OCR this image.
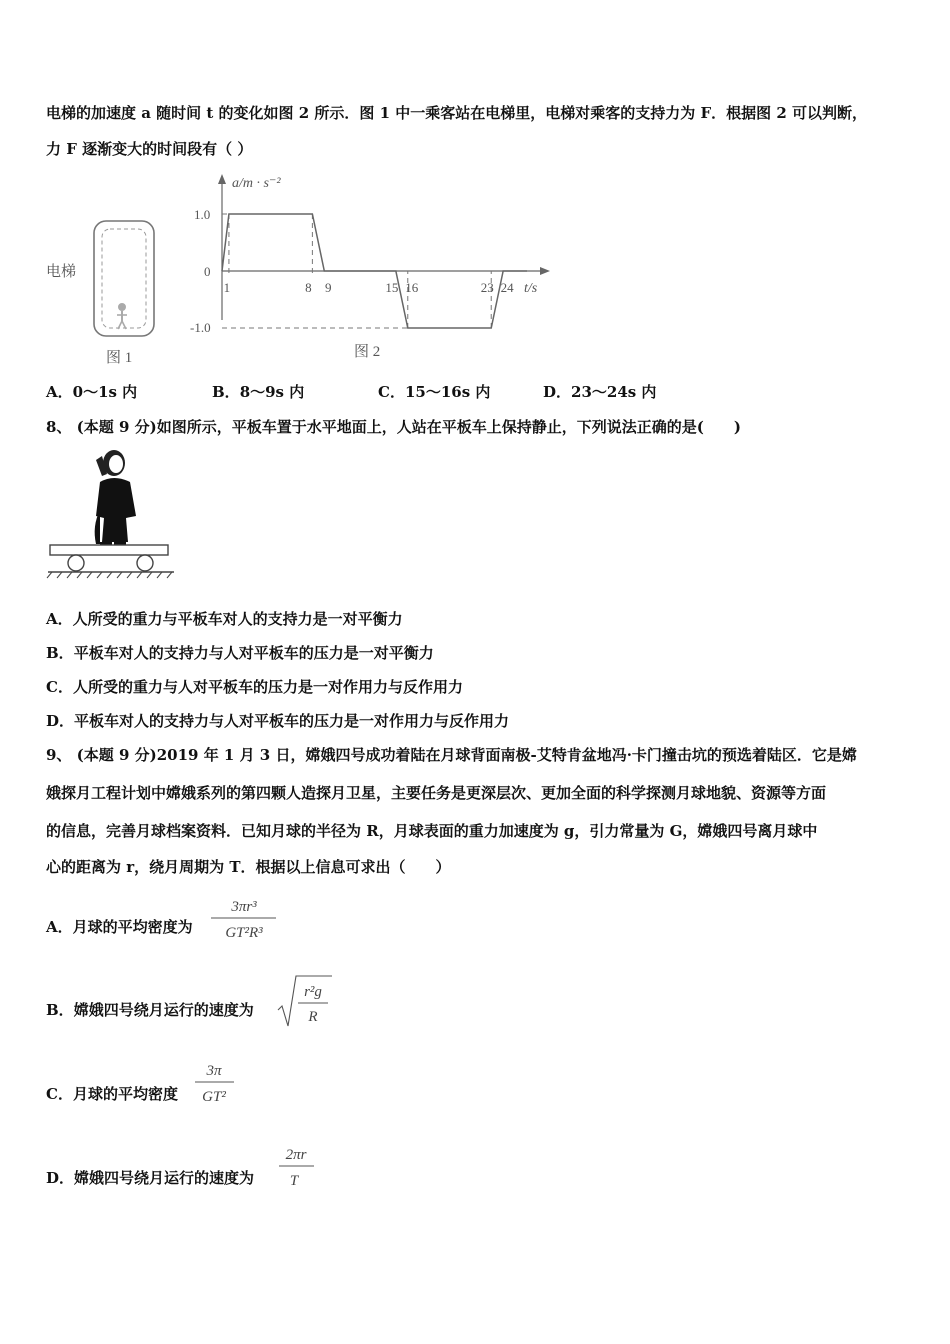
电梯的加速度 a 随时间 t 的变化如图 2 所示．图 1 中一乘客站在电梯里，电梯对乘客的支持力为 F．根据图 2 可以判断，
力 F 逐渐变大的时间段有（ ）
电梯
图 1
a/m · s⁻²
t/s
1.0
0
-1.0
1	8 9	15 16	23 24
图 2
A．0～1s 内	B．8～9s 内	C．15～16s 内	D．23～24s 内
8、 (本题 9 分)如图所示，平板车置于水平地面上，人站在平板车上保持静止，下列说法正确的是(　　)
A．人所受的重力与平板车对人的支持力是一对平衡力
B．平板车对人的支持力与人对平板车的压力是一对平衡力
C．人所受的重力与人对平板车的压力是一对作用力与反作用力
D．平板车对人的支持力与人对平板车的压力是一对作用力与反作用力
9、 (本题 9 分)2019 年 1 月 3 日，嫦娥四号成功着陆在月球背面南极-艾特肯盆地冯·卡门撞击坑的预选着陆区．它是嫦
娥探月工程计划中嫦娥系列的第四颗人造探月卫星，主要任务是更深层次、更加全面的科学探测月球地貌、资源等方面
的信息，完善月球档案资料．已知月球的半径为 R，月球表面的重力加速度为 g，引力常量为 G，嫦娥四号离月球中
心的距离为 r，绕月周期为 T．根据以上信息可求出（　　）
A．月球的平均密度为
3πr³
GT²R³
B．嫦娥四号绕月运行的速度为
r²g
R
C．月球的平均密度
3π
GT²
D．嫦娥四号绕月运行的速度为
2πr
T
